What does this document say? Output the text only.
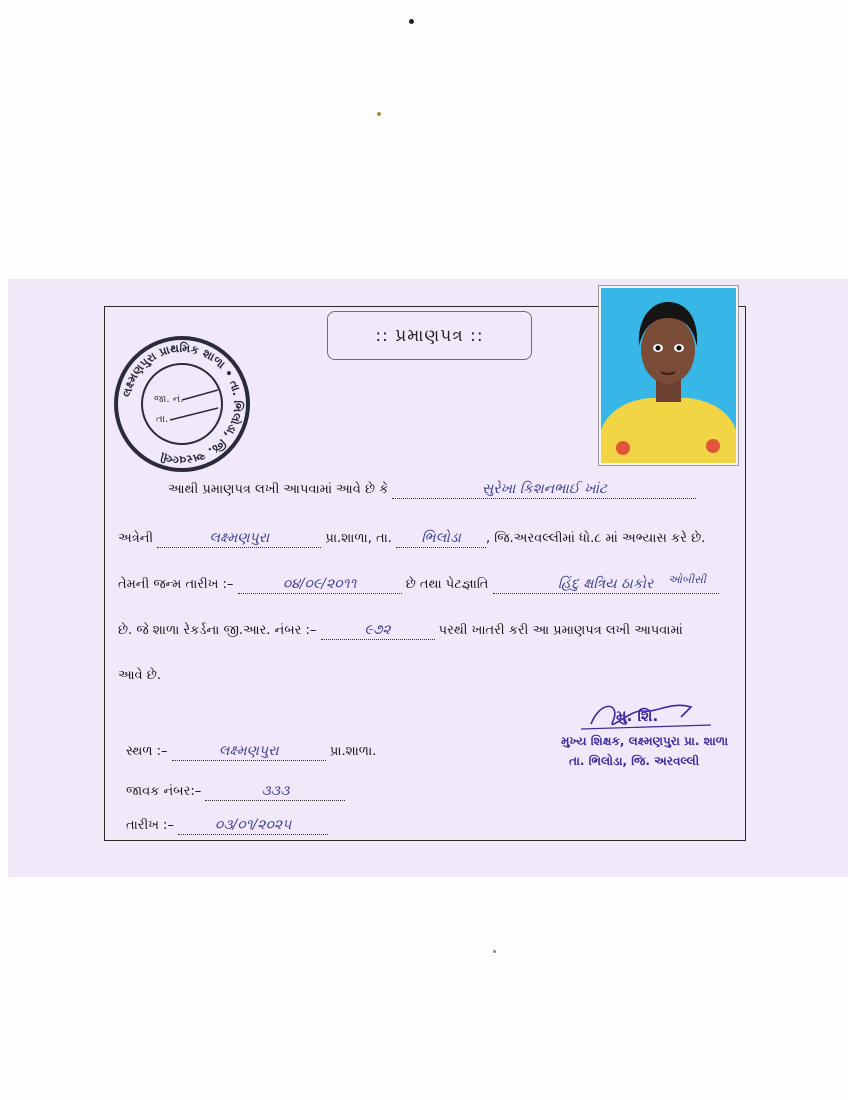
લક્ષ્મણપુરા પ્રાથમિક શાળા • તા. ભિલોડા, જિ. અરવલ્લી
જા. નં.
તા.
:: પ્રમાણપત્ર ::
આથી પ્રમાણપત્ર લખી આપવામાં આવે છે કે	સુરેખા કિશનભાઈ ખાંટ
અત્રેની	લક્ષ્મણપુરા	પ્રા.શાળા, તા. ભિલોડા , જિ.અરવલ્લીમાં ધો.૮ માં અભ્યાસ કરે છે.
તેમની જન્મ તારીખ :–	૦૪/૦૯/૨૦૧૧	છે તથા પેટજ્ઞાતિ	હિંદુ ક્ષત્રિય ઠાકોર	ઓબીસી
છે. જે શાળા રેકર્ડના જી.આર. નંબર :–	૯૭૨	પરથી ખાતરી કરી આ પ્રમાણપત્ર લખી આપવામાં
આવે છે.
સ્થળ :–	લક્ષ્મણપુરા	પ્રા.શાળા.
જાવક નંબર:–	૩૩૩
તારીખ :–	૦૩/૦૧/૨૦૨૫
મુ. શિ.
મુખ્ય શિક્ષક, લક્ષ્મણપુરા પ્રા. શાળા
તા. ભિલોડા, જિ. અરવલ્લી
